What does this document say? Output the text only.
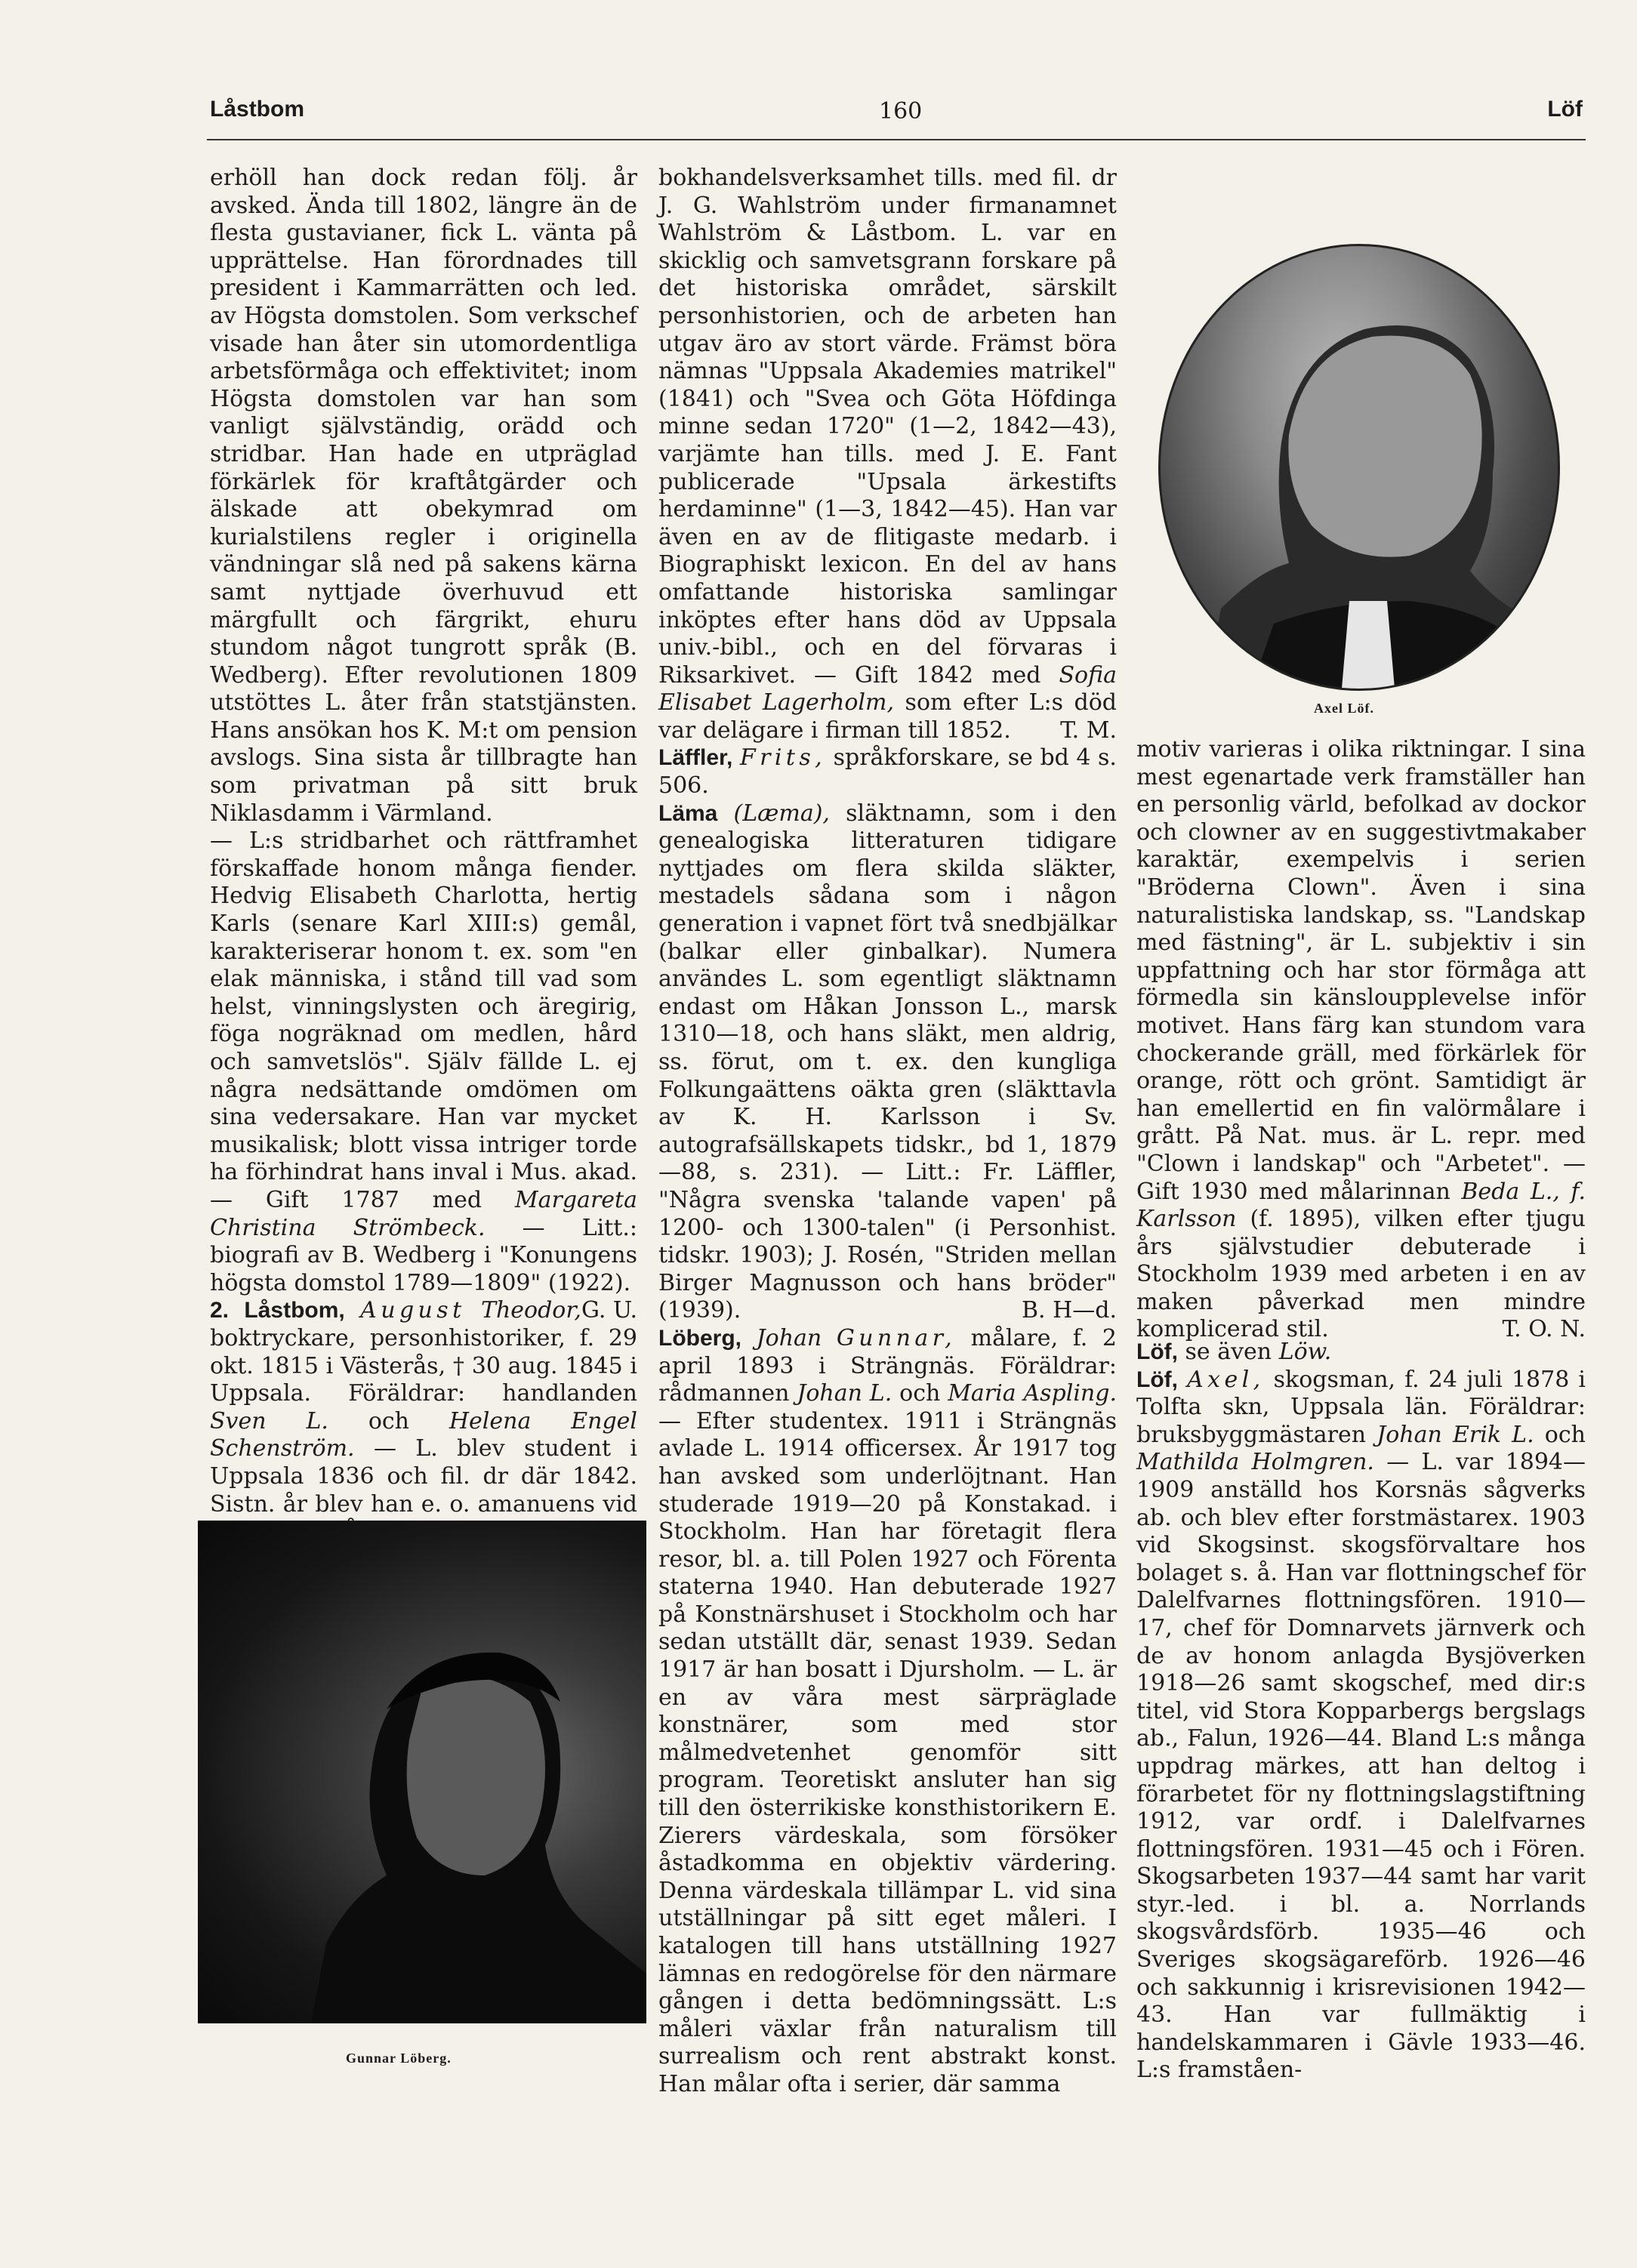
Låstbom	160	Löf

erhöll han dock redan följ. år avsked. Ända till 1802, längre än de flesta gustavianer, fick L. vänta på upprättelse. Han förordnades till president i Kammarrätten och led. av Högsta domstolen. Som verkschef visade han åter sin utomordentliga arbetsförmåga och effektivitet; inom Högsta domstolen var han som vanligt självständig, orädd och stridbar. Han hade en utpräglad förkärlek för kraftåtgärder och älskade att obekymrad om kurialstilens regler i originella vändningar slå ned på sakens kärna samt nyttjade överhuvud ett märgfullt och färgrikt, ehuru stundom något tungrott språk (B. Wedberg). Efter revolutionen 1809 utstöttes L. åter från statstjänsten. Hans ansökan hos K. M:t om pension avslogs. Sina sista år tillbragte han som privatman på sitt bruk Niklasdamm i Värmland.

— L:s stridbarhet och rättframhet förskaffade honom många fiender. Hedvig Elisabeth Charlotta, hertig Karls (senare Karl XIII:s) gemål, karakteriserar honom t. ex. som "en elak människa, i stånd till vad som helst, vinningslysten och äregirig, föga nogräknad om medlen, hård och samvetslös". Själv fällde L. ej några nedsättande omdömen om sina vedersakare. Han var mycket musikalisk; blott vissa intriger torde ha förhindrat hans inval i Mus. akad. — Gift 1787 med Margareta Christina Strömbeck. — Litt.: biografi av B. Wedberg i "Konungens högsta domstol 1789—1809" (1922).
G. U.

2. Låstbom, August Theodor, boktryckare, personhistoriker, f. 29 okt. 1815 i Västerås, † 30 aug. 1845 i Uppsala. Föräldrar: handlanden Sven L. och Helena Engel Schenström. — L. blev student i Uppsala 1836 och fil. dr där 1842. Sistn. år blev han e. o. amanuens vid

Gunnar Löberg.

bokhandelsverksamhet tills. med fil. dr J. G. Wahlström under firmanamnet Wahlström & Låstbom. L. var en skicklig och samvetsgrann forskare på det historiska området, särskilt personhistorien, och de arbeten han utgav äro av stort värde. Främst böra nämnas "Uppsala Akademies matrikel" (1841) och "Svea och Göta Höfdinga minne sedan 1720" (1—2, 1842—43), varjämte han tills. med J. E. Fant publicerade "Upsala ärkestifts herdaminne" (1—3, 1842—45). Han var även en av de flitigaste medarb. i Biographiskt lexicon. En del av hans omfattande historiska samlingar inköptes efter hans död av Uppsala univ.-bibl., och en del förvaras i Riksarkivet. — Gift 1842 med Sofia Elisabet Lagerholm, som efter L:s död var delägare i firman till 1852. T. M.

Läffler, Frits, språkforskare, se bd 4 s. 506.

Läma (Læma), släktnamn, som i den genealogiska litteraturen tidigare nyttjades om flera skilda släkter, mestadels sådana som i någon generation i vapnet fört två snedbjälkar (balkar eller ginbalkar). Numera användes L. som egentligt släktnamn endast om Håkan Jonsson L., marsk 1310—18, och hans släkt, men aldrig, ss. förut, om t. ex. den kungliga Folkungaättens oäkta gren (släkttavla av K. H. Karlsson i Sv. autografsällskapets tidskr., bd 1, 1879—88, s. 231). — Litt.: Fr. Läffler, "Några svenska 'talande vapen' på 1200- och 1300-talen" (i Personhist. tidskr. 1903); J. Rosén, "Striden mellan Birger Magnusson och hans bröder" (1939).	B. H—d.

Löberg, Johan Gunnar, målare, f. 2 april 1893 i Strängnäs. Föräldrar: rådmannen Johan L. och Maria Aspling. — Efter studentex. 1911 i Strängnäs avlade L. 1914 officersex. År 1917 tog han avsked som underlöjtnant. Han studerade 1919—20 på Konstakad. i Stockholm. Han har företagit flera resor, bl. a. till Polen 1927 och Förenta staterna 1940. Han debuterade 1927 på Konstnärshuset i Stockholm och har sedan utställt där, senast 1939. Sedan 1917 är han bosatt i Djursholm. — L. är en av våra mest särpräglade konstnärer, som med stor målmedvetenhet genomför sitt program. Teoretiskt ansluter han sig till den österrikiske konsthistorikern E. Zierers värdeskala, som försöker åstadkomma en objektiv värdering. Denna värdeskala tillämpar L. vid sina utställningar på sitt eget måleri. I katalogen till hans utställning 1927 lämnas en redogörelse för den närmare gången i detta bedömningssätt. L:s måleri växlar från naturalism till surrealism och rent abstrakt konst. Han målar ofta i serier, där samma

Axel Löf.

motiv varieras i olika riktningar. I sina mest egenartade verk framställer han en personlig värld, befolkad av dockor och clowner av en suggestivtmakaber karaktär, exempelvis i serien "Bröderna Clown". Även i sina naturalistiska landskap, ss. "Landskap med fästning", är L. subjektiv i sin uppfattning och har stor förmåga att förmedla sin känsloupplevelse inför motivet. Hans färg kan stundom vara chockerande gräll, med förkärlek för orange, rött och grönt. Samtidigt är han emellertid en fin valörmålare i grått. På Nat. mus. är L. repr. med "Clown i landskap" och "Arbetet". — Gift 1930 med målarinnan Beda L., f. Karlsson (f. 1895), vilken efter tjugu års självstudier debuterade i Stockholm 1939 med arbeten i en av maken påverkad men mindre komplicerad stil.	T. O. N.

Löf, se även Löw.

Löf, Axel, skogsman, f. 24 juli 1878 i Tolfta skn, Uppsala län. Föräldrar: bruksbyggmästaren Johan Erik L. och Mathilda Holmgren. — L. var 1894—1909 anställd hos Korsnäs sågverks ab. och blev efter forstmästarex. 1903 vid Skogsinst. skogsförvaltare hos bolaget s. å. Han var flottningschef för Dalelfvarnes flottningsfören. 1910—17, chef för Domnarvets järnverk och de av honom anlagda Bysjöverken 1918—26 samt skogschef, med dir:s titel, vid Stora Kopparbergs bergslags ab., Falun, 1926—44. Bland L:s många uppdrag märkes, att han deltog i förarbetet för ny flottningslagstiftning 1912, var ordf. i Dalelfvarnes flottningsfören. 1931—45 och i Fören. Skogsarbeten 1937—44 samt har varit styr.-led. i bl. a. Norrlands skogsvårdsförb. 1935—46 och Sveriges skogsägareförb. 1926—46 och sakkunnig i krisrevisionen 1942—43. Han var fullmäktig i handelskammaren i Gävle 1933—46. L:s framståen-
